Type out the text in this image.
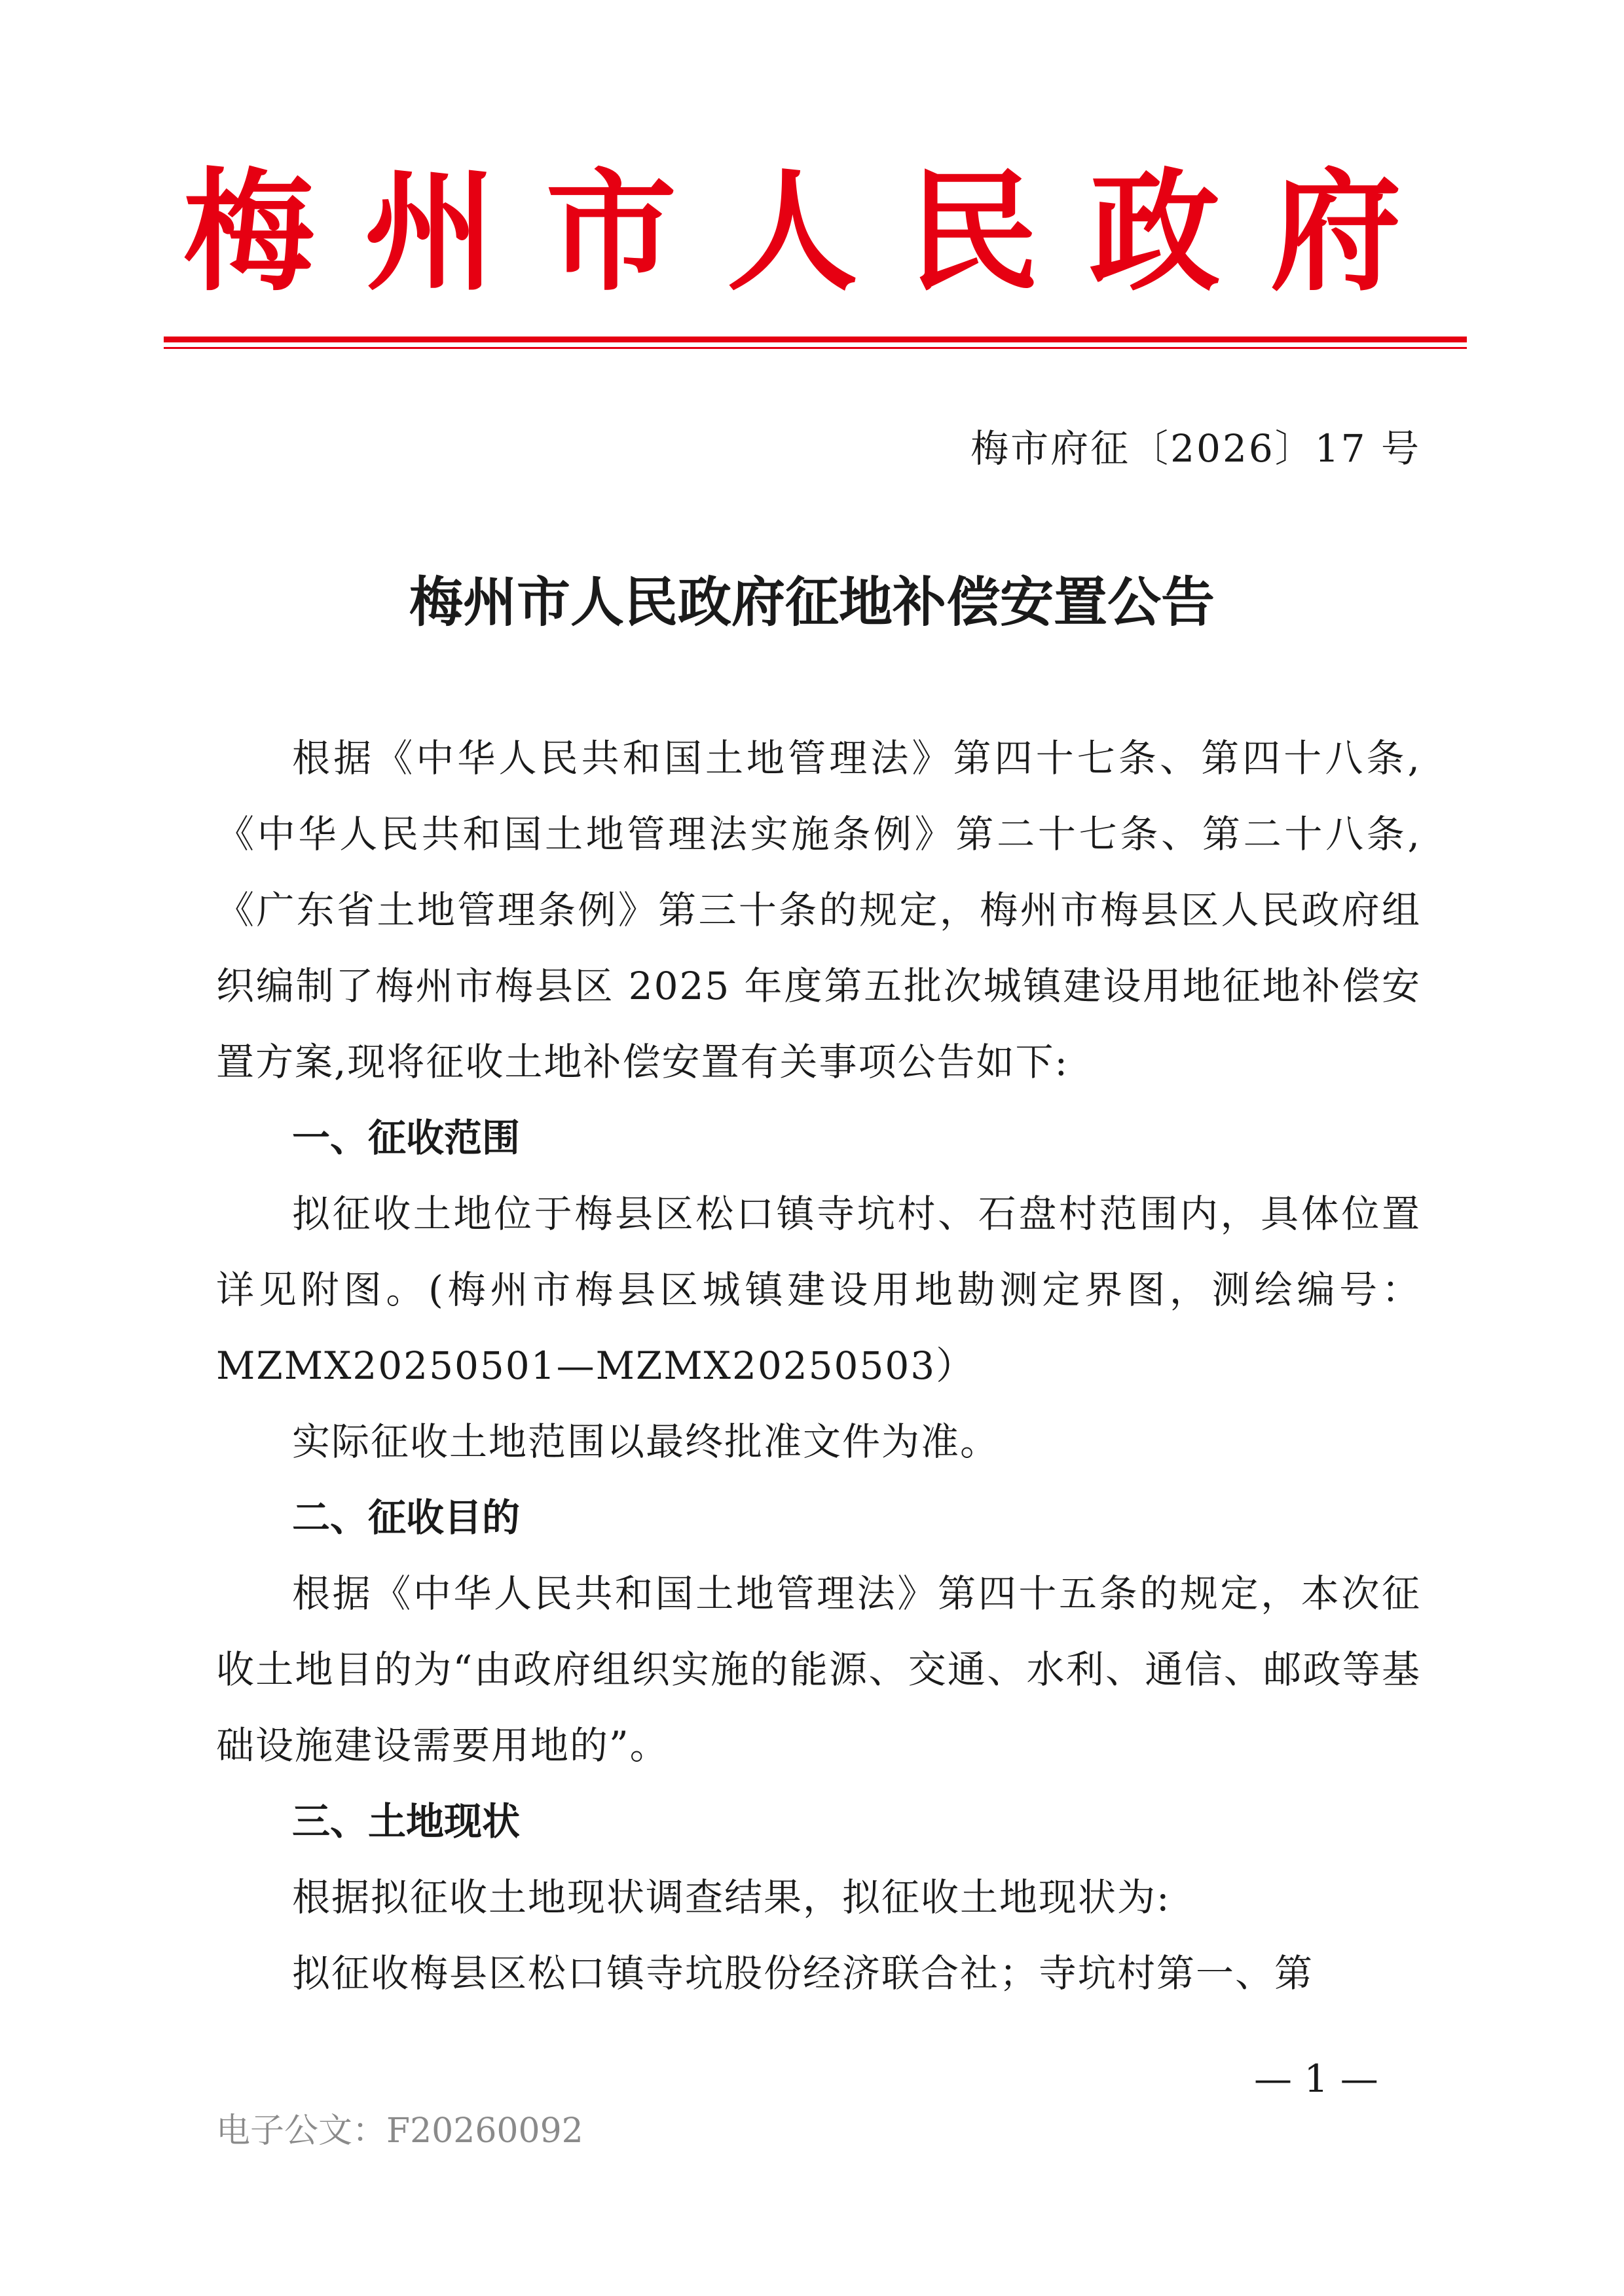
梅 州 市 人 民 政 府
梅市府征〔2026〕17 号
梅州市人民政府征地补偿安置公告

根据《中华人民共和国土地管理法》第四十七条、第四十八条,《中华人民共和国土地管理法实施条例》第二十七条、第二十八条,《广东省土地管理条例》第三十条的规定，梅州市梅县区人民政府组织编制了梅州市梅县区 2025 年度第五批次城镇建设用地征地补偿安置方案,现将征收土地补偿安置有关事项公告如下:

一、征收范围

拟征收土地位于梅县区松口镇寺坑村、石盘村范围内，具体位置详见附图。(梅州市梅县区城镇建设用地勘测定界图，测绘编号：MZMX20250501—MZMX20250503）

实际征收土地范围以最终批准文件为准。

二、征收目的

根据《中华人民共和国土地管理法》第四十五条的规定，本次征收土地目的为“由政府组织实施的能源、交通、水利、通信、邮政等基础设施建设需要用地的”。

三、土地现状

根据拟征收土地现状调查结果，拟征收土地现状为:

拟征收梅县区松口镇寺坑股份经济联合社；寺坑村第一、第

— 1 —
电子公文：F20260092
